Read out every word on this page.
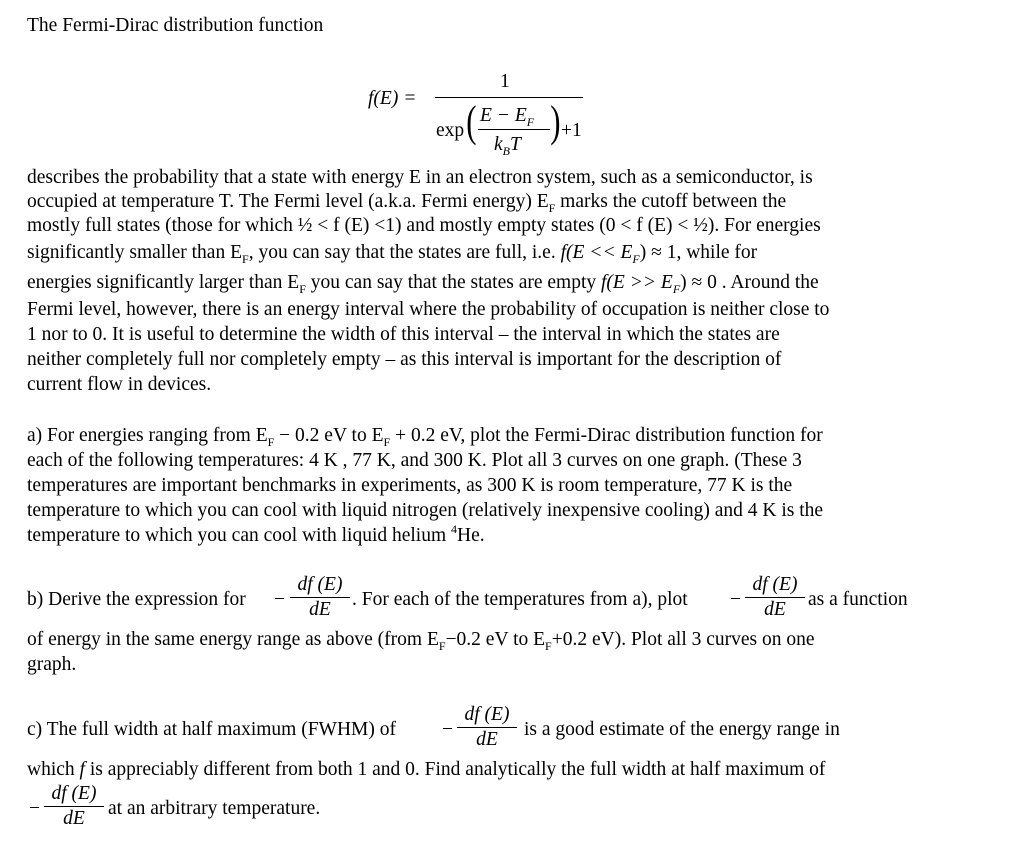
The Fermi-Dirac distribution function
f(E) =
1
exp ( $E - E_F$
$k_BT$ ) +1
describes the probability that a state with energy E in an electron system, such as a semiconductor, is
occupied at temperature T. The Fermi level (a.k.a. Fermi energy) $E_F$ marks the cutoff between the
mostly full states (those for which ½ < f (E) <1) and mostly empty states (0 < f (E) < ½). For energies
significantly smaller than $E_F$, you can say that the states are full, i.e. $f(E << E_F) \approx 1$, while for
energies significantly larger than $E_F$ you can say that the states are empty $f(E >> E_F) \approx 0$ . Around the
Fermi level, however, there is an energy interval where the probability of occupation is neither close to
1 nor to 0. It is useful to determine the width of this interval – the interval in which the states are
neither completely full nor completely empty – as this interval is important for the description of
current flow in devices.
a) For energies ranging from $E_F - 0.2$ eV to $E_F + 0.2$ eV, plot the Fermi-Dirac distribution function for
each of the following temperatures: 4 K , 77 K, and 300 K. Plot all 3 curves on one graph. (These 3
temperatures are important benchmarks in experiments, as 300 K is room temperature, 77 K is the
temperature to which you can cool with liquid nitrogen (relatively inexpensive cooling) and 4 K is the
temperature to which you can cool with liquid helium $^4$He.
b) Derive the expression for −
df (E)
dE	. For each of the temperatures from a), plot −
df (E)
dE	as a function
of energy in the same energy range as above (from $E_F-0.2$ eV to $E_F+0.2$ eV). Plot all 3 curves on one
graph.
c) The full width at half maximum (FWHM) of −
df (E)
dE	is a good estimate of the energy range in
which f is appreciably different from both 1 and 0. Find analytically the full width at half maximum of
−
df (E)
dE	at an arbitrary temperature.
